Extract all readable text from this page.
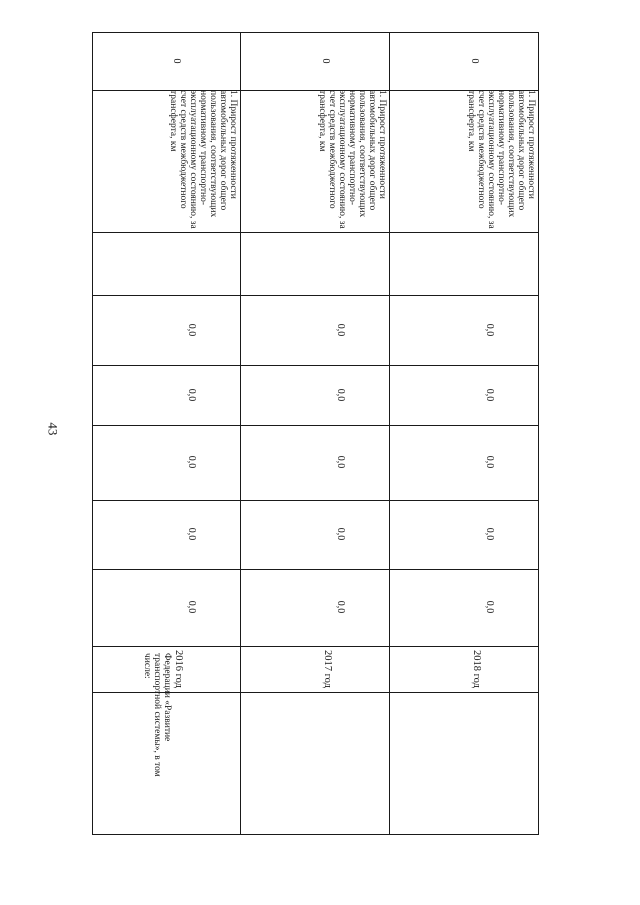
43
Федерации «Развитие транспортной системы», в том числе:	2016 год
0,0
0,0
0,0
0,0
0,0
1. Прирост протяженности автомобильных дорог общего пользования, соответствующих нормативному транспортно-эксплуатационному состоянию, за счет средств межбюджетного трансферта, км
0
2017 год
0,0
0,0
0,0
0,0
0,0
1. Прирост протяженности автомобильных дорог общего пользования, соответствующих нормативному транспортно-эксплуатационному состоянию, за счет средств межбюджетного трансферта, км
0
2018 год
0,0
0,0
0,0
0,0
0,0
1. Прирост протяженности автомобильных дорог общего пользования, соответствующих нормативному транспортно-эксплуатационному состоянию, за счет средств межбюджетного трансферта, км
0
